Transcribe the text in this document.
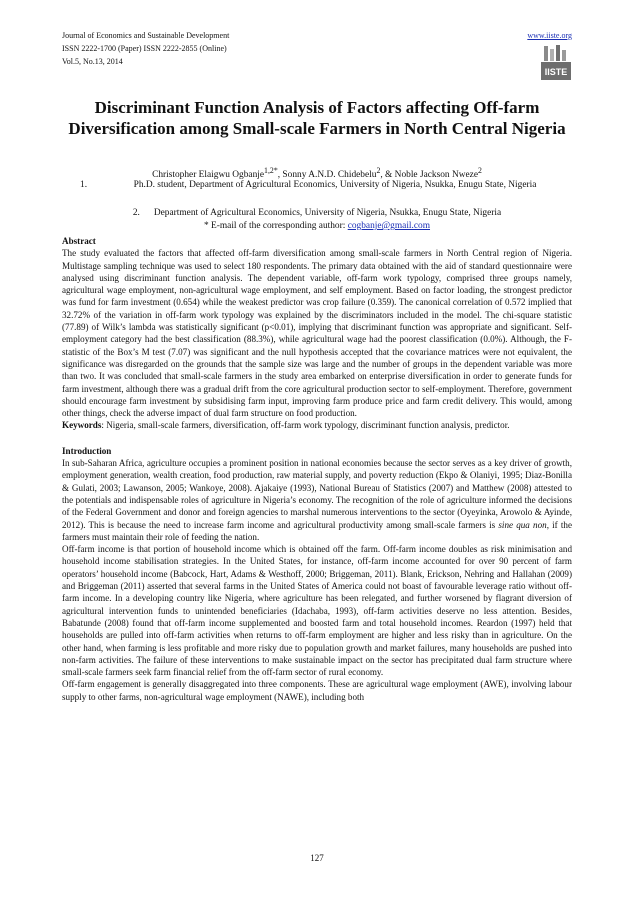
Journal of Economics and Sustainable Development
ISSN 2222-1700 (Paper) ISSN 2222-2855 (Online)
Vol.5, No.13, 2014
www.iiste.org
IISTE
Discriminant Function Analysis of Factors affecting Off-farm Diversification among Small-scale Farmers in North Central Nigeria
Christopher Elaigwu Ogbanje$^{1,2*}$, Sonny A.N.D. Chidebelu$^2$, & Noble Jackson Nweze$^2$
1.	Ph.D. student, Department of Agricultural Economics, University of Nigeria, Nsukka, Enugu State, Nigeria
2. Department of Agricultural Economics, University of Nigeria, Nsukka, Enugu State, Nigeria
* E-mail of the corresponding author: cogbanje@gmail.com

Abstract

The study evaluated the factors that affected off-farm diversification among small-scale farmers in North Central region of Nigeria. Multistage sampling technique was used to select 180 respondents. The primary data obtained with the aid of standard questionnaire were analysed using discriminant function analysis. The dependent variable, off-farm work typology, comprised three groups namely, agricultural wage employment, non-agricultural wage employment, and self employment. Based on factor loading, the strongest predictor was fund for farm investment (0.654) while the weakest predictor was crop failure (0.359). The canonical correlation of 0.572 implied that 32.72% of the variation in off-farm work typology was explained by the discriminators included in the model. The chi-square statistic (77.89) of Wilk’s lambda was statistically significant (p<0.01), implying that discriminant function was appropriate and significant. Self-employment category had the best classification (88.3%), while agricultural wage had the poorest classification (0.0%). Although, the F-statistic of the Box’s M test (7.07) was significant and the null hypothesis accepted that the covariance matrices were not equivalent, the significance was disregarded on the grounds that the sample size was large and the number of groups in the dependent variable was more than two. It was concluded that small-scale farmers in the study area embarked on enterprise diversification in order to generate funds for farm investment, although there was a gradual drift from the core agricultural production sector to self-employment. Therefore, government should encourage farm investment by subsidising farm input, improving farm produce price and farm credit delivery. This would, among other things, check the adverse impact of dual farm structure on food production.

Keywords: Nigeria, small-scale farmers, diversification, off-farm work typology, discriminant function analysis, predictor.

Introduction

In sub-Saharan Africa, agriculture occupies a prominent position in national economies because the sector serves as a key driver of growth, employment generation, wealth creation, food production, raw material supply, and poverty reduction (Ekpo & Olaniyi, 1995; Diaz-Bonilla & Gulati, 2003; Lawanson, 2005; Wankoye, 2008). Ajakaiye (1993), National Bureau of Statistics (2007) and Matthew (2008) attested to the potentials and indispensable roles of agriculture in Nigeria’s economy. The recognition of the role of agriculture informed the decisions of the Federal Government and donor and foreign agencies to marshal numerous interventions to the sector (Oyeyinka, Arowolo & Ayinde, 2012). This is because the need to increase farm income and agricultural productivity among small-scale farmers is sine qua non, if the farmers must maintain their role of feeding the nation.

Off-farm income is that portion of household income which is obtained off the farm. Off-farm income doubles as risk minimisation and household income stabilisation strategies. In the United States, for instance, off-farm income accounted for over 90 percent of farm operators’ household income (Babcock, Hart, Adams & Westhoff, 2000; Briggeman, 2011). Blank, Erickson, Nehring and Hallahan (2009) and Briggeman (2011) asserted that several farms in the United States of America could not boast of favourable leverage ratio without off-farm income. In a developing country like Nigeria, where agriculture has been relegated, and further worsened by flagrant diversion of agricultural intervention funds to unintended beneficiaries (Idachaba, 1993), off-farm activities deserve no less attention. Besides, Babatunde (2008) found that off-farm income supplemented and boosted farm and total household incomes. Reardon (1997) held that households are pulled into off-farm activities when returns to off-farm employment are higher and less risky than in agriculture. On the other hand, when farming is less profitable and more risky due to population growth and market failures, many households are pushed into non-farm activities. The failure of these interventions to make sustainable impact on the sector has precipitated dual farm structure where small-scale farmers seek farm financial relief from the off-farm sector of rural economy.

Off-farm engagement is generally disaggregated into three components. These are agricultural wage employment (AWE), involving labour supply to other farms, non-agricultural wage employment (NAWE), including both

127
